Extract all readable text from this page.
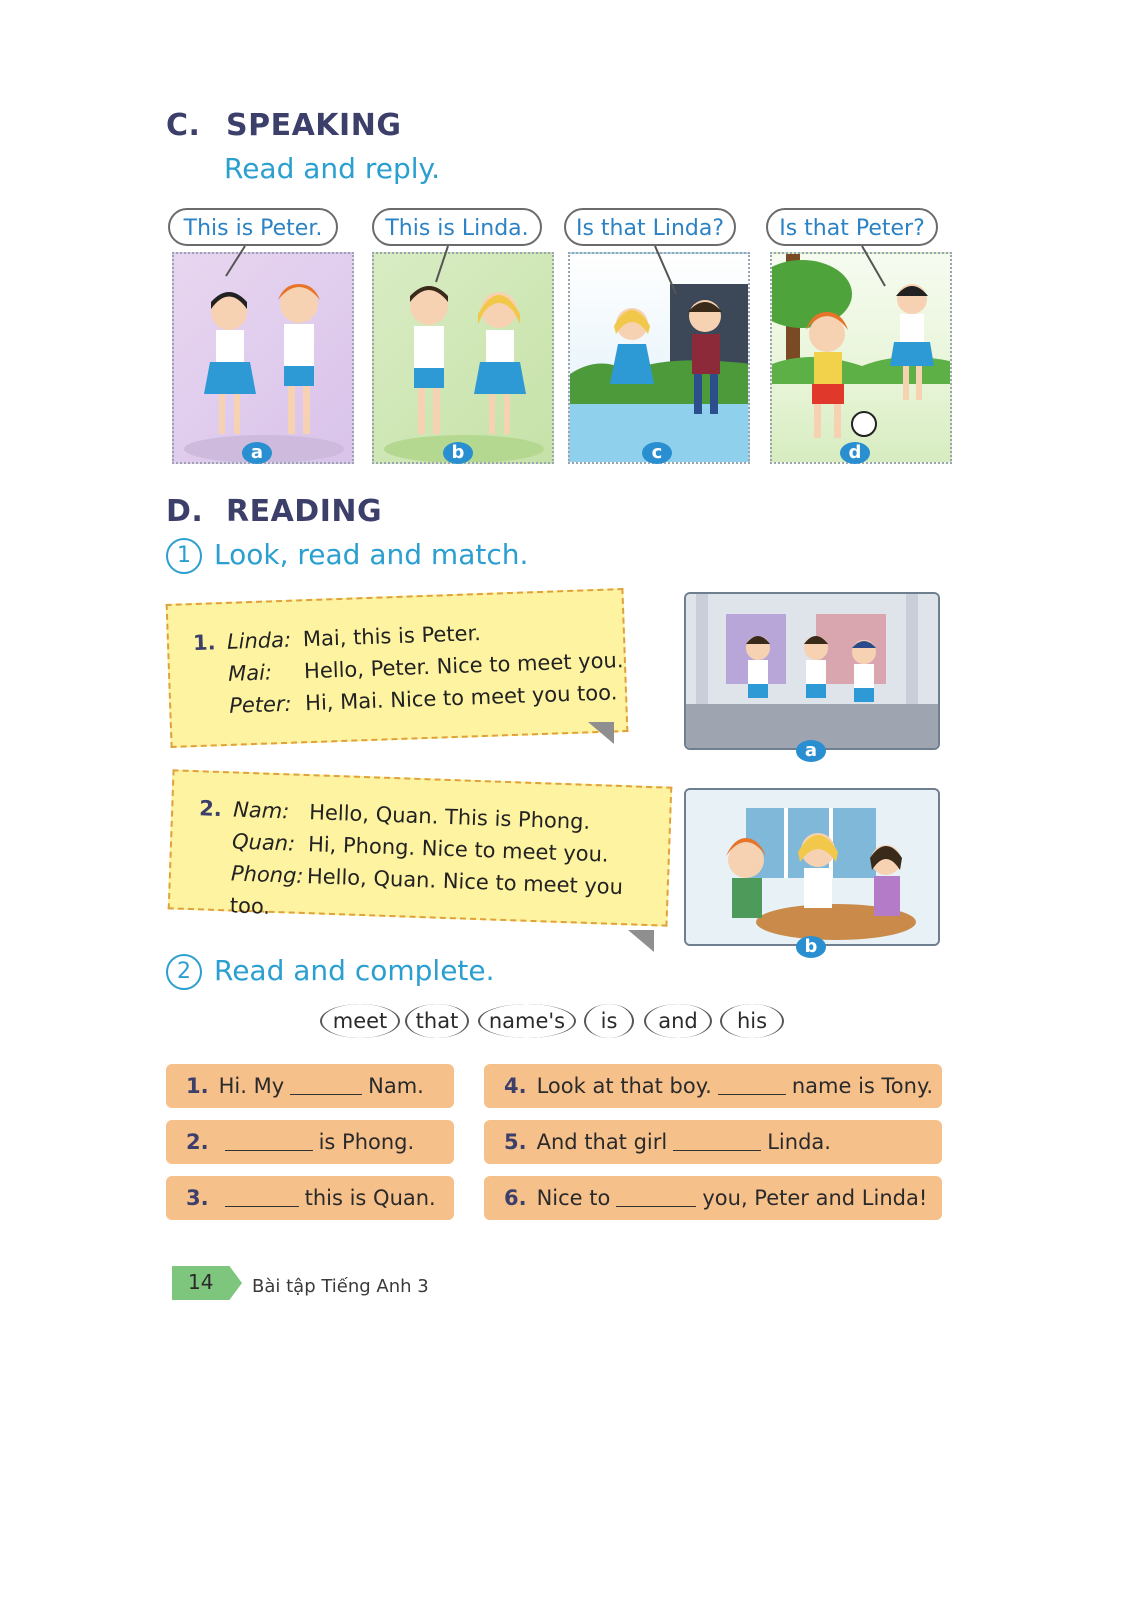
C. SPEAKING
Read and reply.
This is Peter.	This is Linda.	Is that Linda?	Is that Peter?
a	b	c	d
D. READING
1 Look, read and match.
1. Linda: Mai, this is Peter.
Mai: Hello, Peter. Nice to meet you.
Peter: Hi, Mai. Nice to meet you too.
a
2. Nam: Hello, Quan. This is Phong.
Quan: Hi, Phong. Nice to meet you.
Phong: Hello, Quan. Nice to meet you too.
b
2 Read and complete.
meet	that	name's	is	and	his
1. Hi. My	Nam.
2.	is Phong.
3.	this is Quan.
4. Look at that boy.	name is Tony.
5. And that girl	Linda.
6. Nice to	you, Peter and Linda!
14 Bài tập Tiếng Anh 3
